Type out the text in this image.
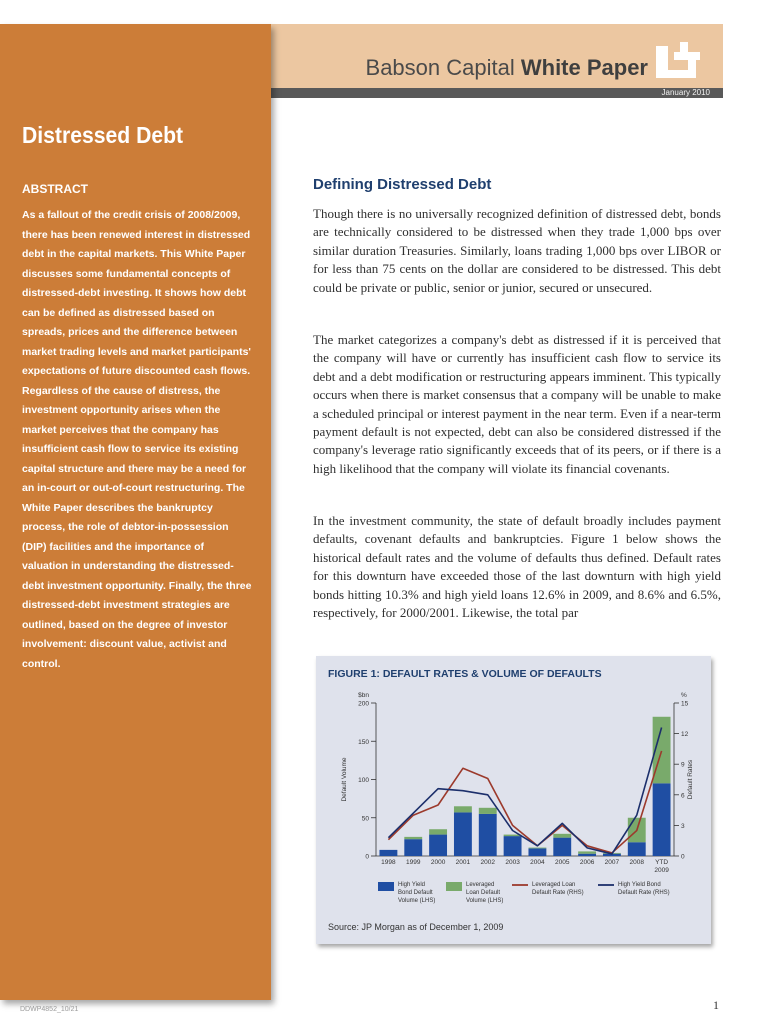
Babson Capital White Paper
January 2010
Distressed Debt
ABSTRACT
As a fallout of the credit crisis of 2008/2009, there has been renewed interest in distressed debt in the capital markets. This White Paper discusses some fundamental concepts of distressed-debt investing. It shows how debt can be defined as distressed based on spreads, prices and the difference between market trading levels and market participants' expectations of future discounted cash flows. Regardless of the cause of distress, the investment opportunity arises when the market perceives that the company has insufficient cash flow to service its existing capital structure and there may be a need for an in-court or out-of-court restructuring. The White Paper describes the bankruptcy process, the role of debtor-in-possession (DIP) facilities and the importance of valuation in understanding the distressed-debt investment opportunity. Finally, the three distressed-debt investment strategies are outlined, based on the degree of investor involvement: discount value, activist and control.
Defining Distressed Debt

Though there is no universally recognized definition of distressed debt, bonds are technically considered to be distressed when they trade 1,000 bps over similar duration Treasuries. Similarly, loans trading 1,000 bps over LIBOR or for less than 75 cents on the dollar are considered to be distressed. This debt could be private or public, senior or junior, secured or unsecured.

The market categorizes a company's debt as distressed if it is perceived that the company will have or currently has insufficient cash flow to service its debt and a debt modification or restructuring appears imminent. This typically occurs when there is market consensus that a company will be unable to make a scheduled principal or interest payment in the near term. Even if a near-term payment default is not expected, debt can also be considered distressed if the company's leverage ratio significantly exceeds that of its peers, or if there is a high likelihood that the company will violate its financial covenants.

In the investment community, the state of default broadly includes payment defaults, covenant defaults and bankruptcies. Figure 1 below shows the historical default rates and the volume of defaults thus defined. Default rates for this downturn have exceeded those of the last downturn with high yield bonds hitting 10.3% and high yield loans 12.6% in 2009, and 8.6% and 6.5%, respectively, for 2000/2001. Likewise, the total par

FIGURE 1: DEFAULT RATES & VOLUME OF DEFAULTS
0
50
100
150
200
$bn
Default Volume
0
3
6
9
12
15
%
Default Rates
1998 1999 2000 2001 2002 2003 2004 2005 2006 2007 2008 YTD
2009
High Yield
Bond Default
Volume (LHS)
Leveraged
Loan Default
Volume (LHS)
Leveraged Loan
Default Rate (RHS)
High Yield Bond
Default Rate (RHS)
Source: JP Morgan as of December 1, 2009
DDWP4852_10/21	1
